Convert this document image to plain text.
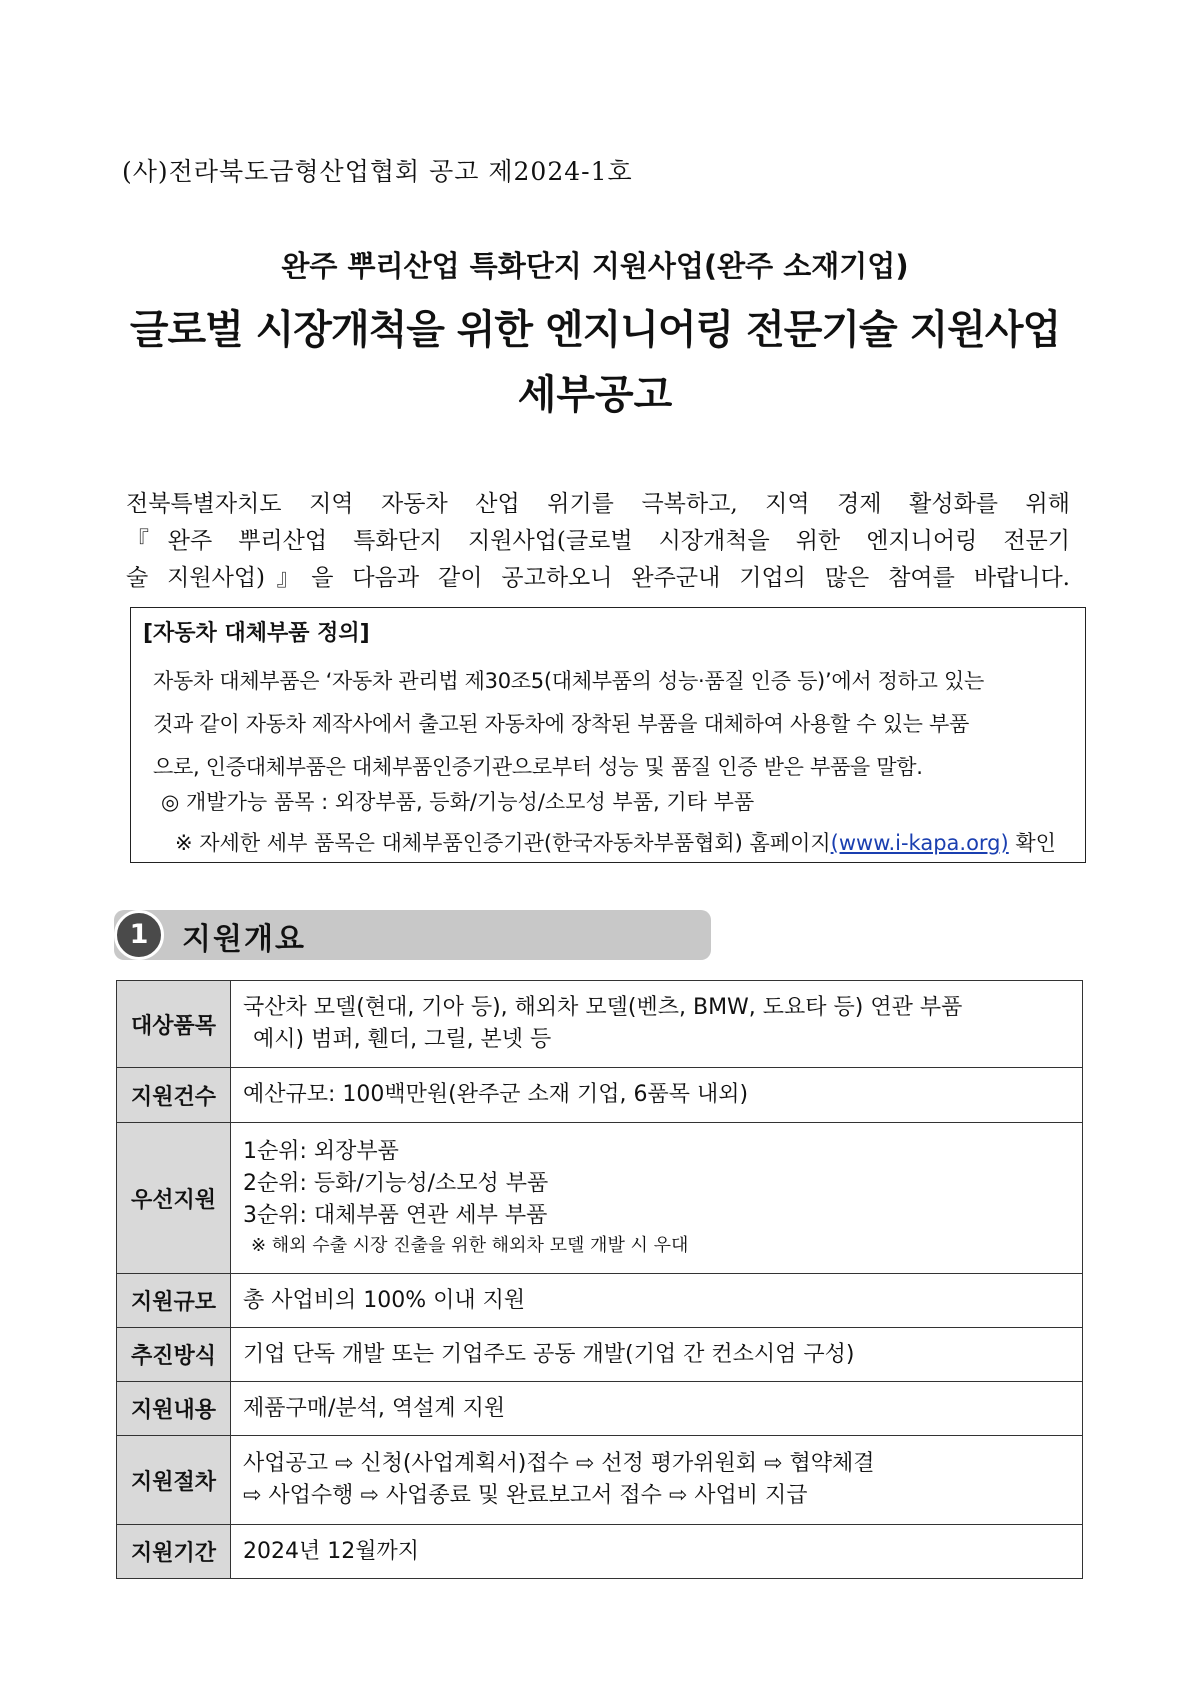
(사)전라북도금형산업협회 공고 제2024-1호
완주 뿌리산업 특화단지 지원사업(완주 소재기업)
글로벌 시장개척을 위한 엔지니어링 전문기술 지원사업
세부공고
전북특별자치도 지역 자동차 산업 위기를 극복하고, 지역 경제 활성화를 위해
『완주 뿌리산업 특화단지 지원사업(글로벌 시장개척을 위한 엔지니어링 전문기
술 지원사업)』을 다음과 같이 공고하오니 완주군내 기업의 많은 참여를 바랍니다.
[자동차 대체부품 정의]
자동차 대체부품은 ‘자동차 관리법 제30조5(대체부품의 성능·품질 인증 등)’에서 정하고 있는
것과 같이 자동차 제작사에서 출고된 자동차에 장착된 부품을 대체하여 사용할 수 있는 부품
으로, 인증대체부품은 대체부품인증기관으로부터 성능 및 품질 인증 받은 부품을 말함.
◎ 개발가능 품목 : 외장부품, 등화/기능성/소모성 부품, 기타 부품
※ 자세한 세부 품목은 대체부품인증기관(한국자동차부품협회) 홈페이지(www.i-kapa.org) 확인
1	지원개요
대상품목	국산차 모델(현대, 기아 등), 해외차 모델(벤츠, BMW, 도요타 등) 연관 부품
예시) 범퍼, 휀더, 그릴, 본넷 등

지원건수	예산규모: 100백만원(완주군 소재 기업, 6품목 내외)
우선지원	1순위: 외장부품
2순위: 등화/기능성/소모성 부품
3순위: 대체부품 연관 세부 부품
※ 해외 수출 시장 진출을 위한 해외차 모델 개발 시 우대

지원규모	총 사업비의 100% 이내 지원
추진방식	기업 단독 개발 또는 기업주도 공동 개발(기업 간 컨소시엄 구성)
지원내용	제품구매/분석, 역설계 지원
지원절차	사업공고 ⇨ 신청(사업계획서)접수 ⇨ 선정 평가위원회 ⇨ 협약체결
⇨ 사업수행 ⇨ 사업종료 및 완료보고서 접수 ⇨ 사업비 지급

지원기간	2024년 12월까지
